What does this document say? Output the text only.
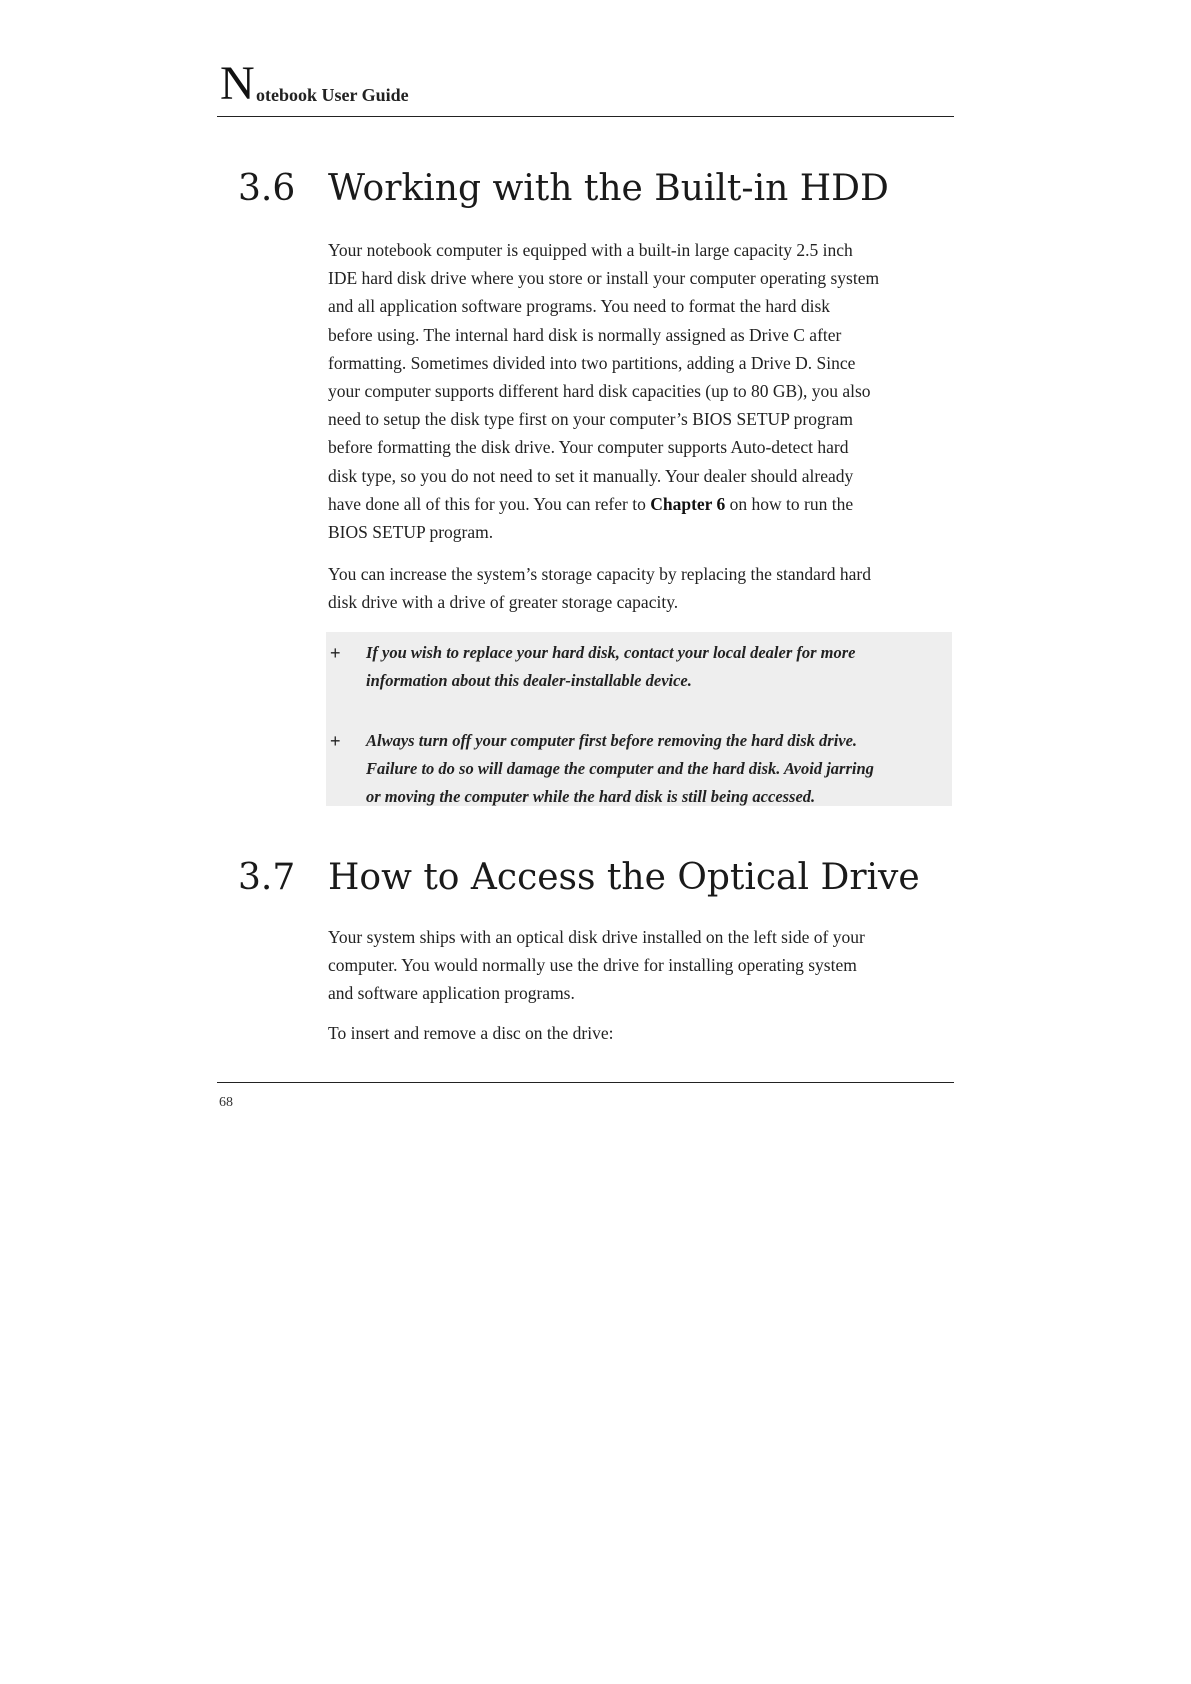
N otebook User Guide
3.6 Working with the Built-in HDD
Your notebook computer is equipped with a built-in large capacity 2.5 inch
IDE hard disk drive where you store or install your computer operating system
and all application software programs. You need to format the hard disk
before using. The internal hard disk is normally assigned as Drive C after
formatting. Sometimes divided into two partitions, adding a Drive D. Since
your computer supports different hard disk capacities (up to 80 GB), you also
need to setup the disk type first on your computer’s BIOS SETUP program
before formatting the disk drive. Your computer supports Auto-detect hard
disk type, so you do not need to set it manually. Your dealer should already
have done all of this for you. You can refer to Chapter 6 on how to run the
BIOS SETUP program.
You can increase the system’s storage capacity by replacing the standard hard
disk drive with a drive of greater storage capacity.
+ If you wish to replace your hard disk, contact your local dealer for more
information about this dealer-installable device.
+ Always turn off your computer first before removing the hard disk drive.
Failure to do so will damage the computer and the hard disk. Avoid jarring
or moving the computer while the hard disk is still being accessed.
3.7 How to Access the Optical Drive
Your system ships with an optical disk drive installed on the left side of your
computer. You would normally use the drive for installing operating system
and software application programs.
To insert and remove a disc on the drive:
68
